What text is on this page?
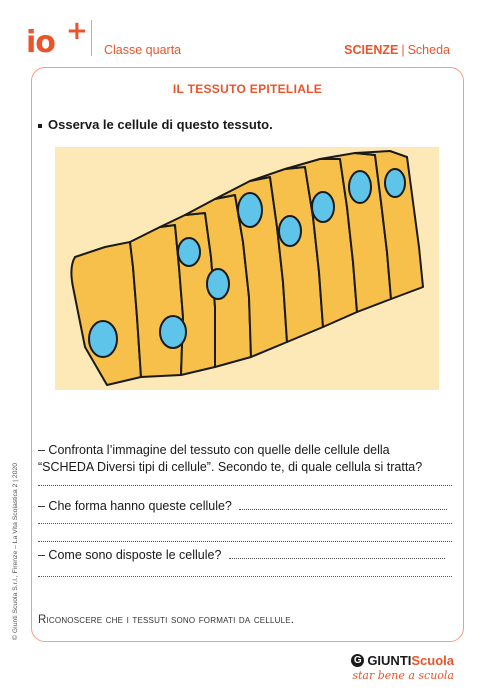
io +
Classe quarta	SCIENZE | Scheda
IL TESSUTO EPITELIALE
Osserva le cellule di questo tessuto.
– Confronta l’immagine del tessuto con quelle delle cellule della
“SCHEDA Diversi tipi di cellule”. Secondo te, di quale cellula si tratta?
– Che forma hanno queste cellule?
– Come sono disposte le cellule?
Riconoscere che i tessuti sono formati da cellule.
© Giunti Scuola S.r.l., Firenze – La Vita Scolastica 2 | 2020
G GIUNTI Scuola
star bene a scuola
